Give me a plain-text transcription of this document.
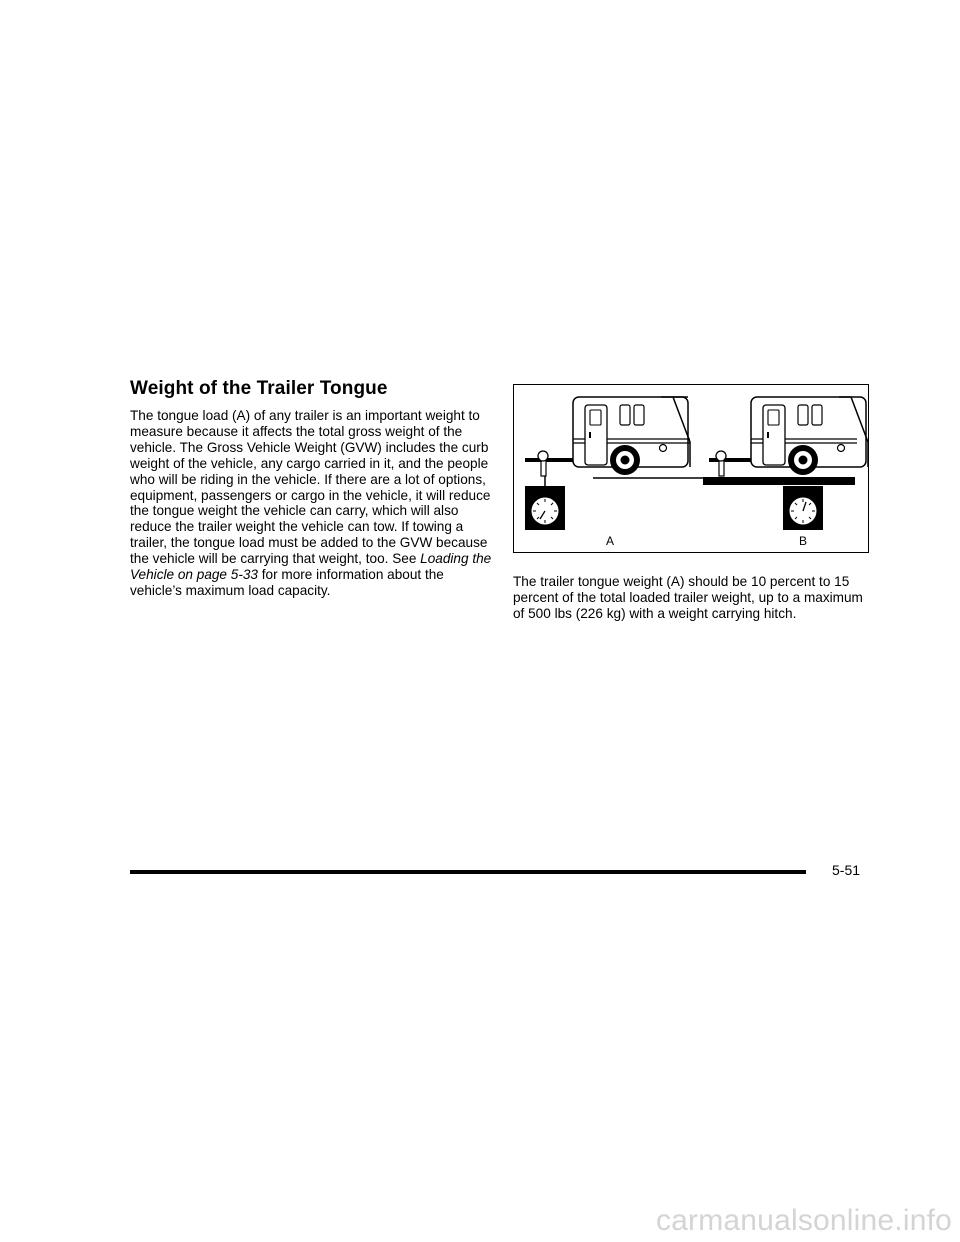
Weight of the Trailer Tongue

The tongue load (A) of any trailer is an important weight to measure because it affects the total gross weight of the vehicle. The Gross Vehicle Weight (GVW) includes the curb weight of the vehicle, any cargo carried in it, and the people who will be riding in the vehicle. If there are a lot of options, equipment, passengers or cargo in the vehicle, it will reduce the tongue weight the vehicle can carry, which will also reduce the trailer weight the vehicle can tow. If towing a trailer, the tongue load must be added to the GVW because the vehicle will be carrying that weight, too. See Loading the Vehicle on page 5-33 for more information about the vehicle’s maximum load capacity.

A	B

The trailer tongue weight (A) should be 10 percent to 15 percent of the total loaded trailer weight, up to a maximum of 500 lbs (226 kg) with a weight carrying hitch.

5-51
carmanualsonline.info
